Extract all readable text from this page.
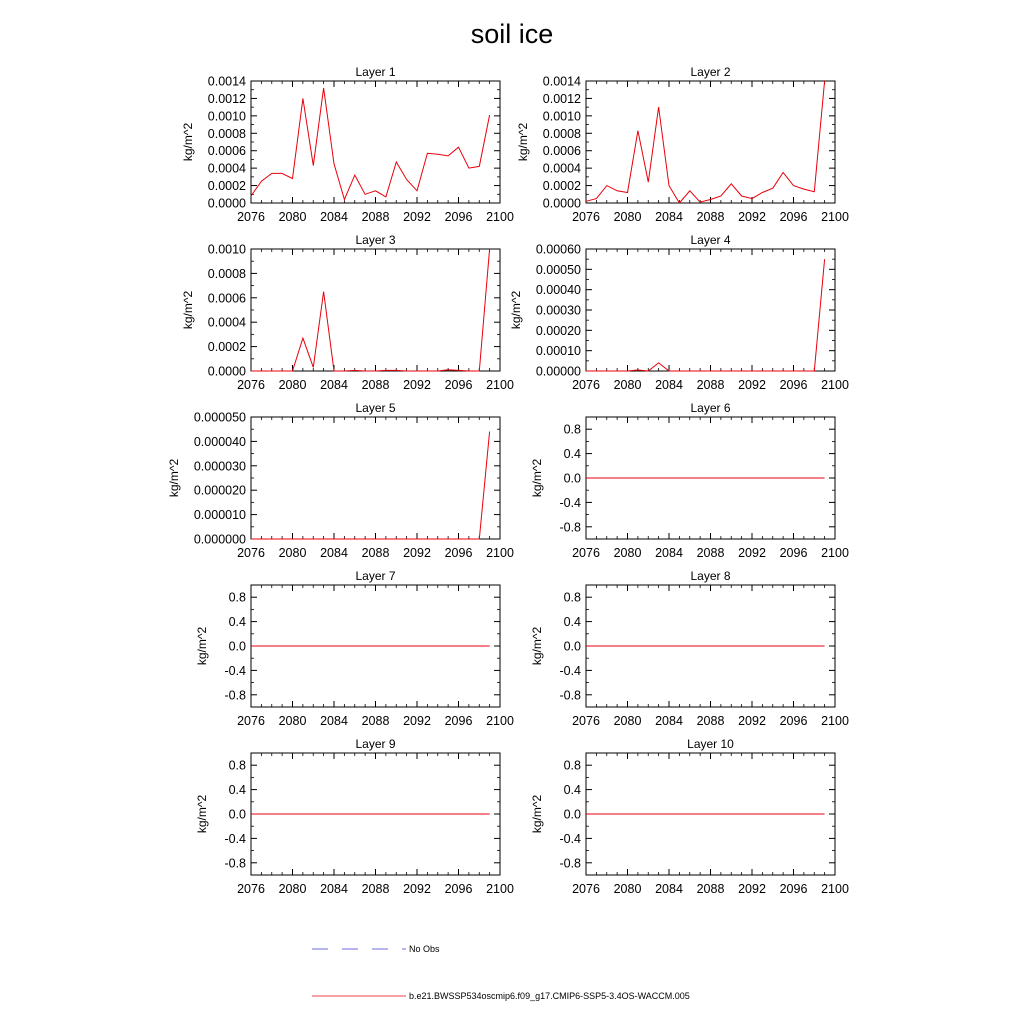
soil ice
Layer 1
2076 2080 2084 2088 2092 2096 2100
0.0000
0.0002
0.0004
0.0006
0.0008
0.0010
0.0012
0.0014
kg/m^2
Layer 2
2076 2080 2084 2088 2092 2096 2100
0.0000
0.0002
0.0004
0.0006
0.0008
0.0010
0.0012
0.0014
kg/m^2
Layer 3
2076 2080 2084 2088 2092 2096 2100
0.0000
0.0002
0.0004
0.0006
0.0008
0.0010
kg/m^2
Layer 4
2076 2080 2084 2088 2092 2096 2100
0.00000
0.00010
0.00020
0.00030
0.00040
0.00050
0.00060
kg/m^2
Layer 5
2076 2080 2084 2088 2092 2096 2100
0.000000
0.000010
0.000020
0.000030
0.000040
0.000050
kg/m^2
Layer 6
2076 2080 2084 2088 2092 2096 2100
-0.8
-0.4
0.0
0.4
0.8
kg/m^2
Layer 7
2076 2080 2084 2088 2092 2096 2100
-0.8
-0.4
0.0
0.4
0.8
kg/m^2
Layer 8
2076 2080 2084 2088 2092 2096 2100
-0.8
-0.4
0.0
0.4
0.8
kg/m^2
Layer 9
2076 2080 2084 2088 2092 2096 2100
-0.8
-0.4
0.0
0.4
0.8
kg/m^2
Layer 10
2076 2080 2084 2088 2092 2096 2100
-0.8
-0.4
0.0
0.4
0.8
kg/m^2
No Obs
b.e21.BWSSP534oscmip6.f09_g17.CMIP6-SSP5-3.4OS-WACCM.005
